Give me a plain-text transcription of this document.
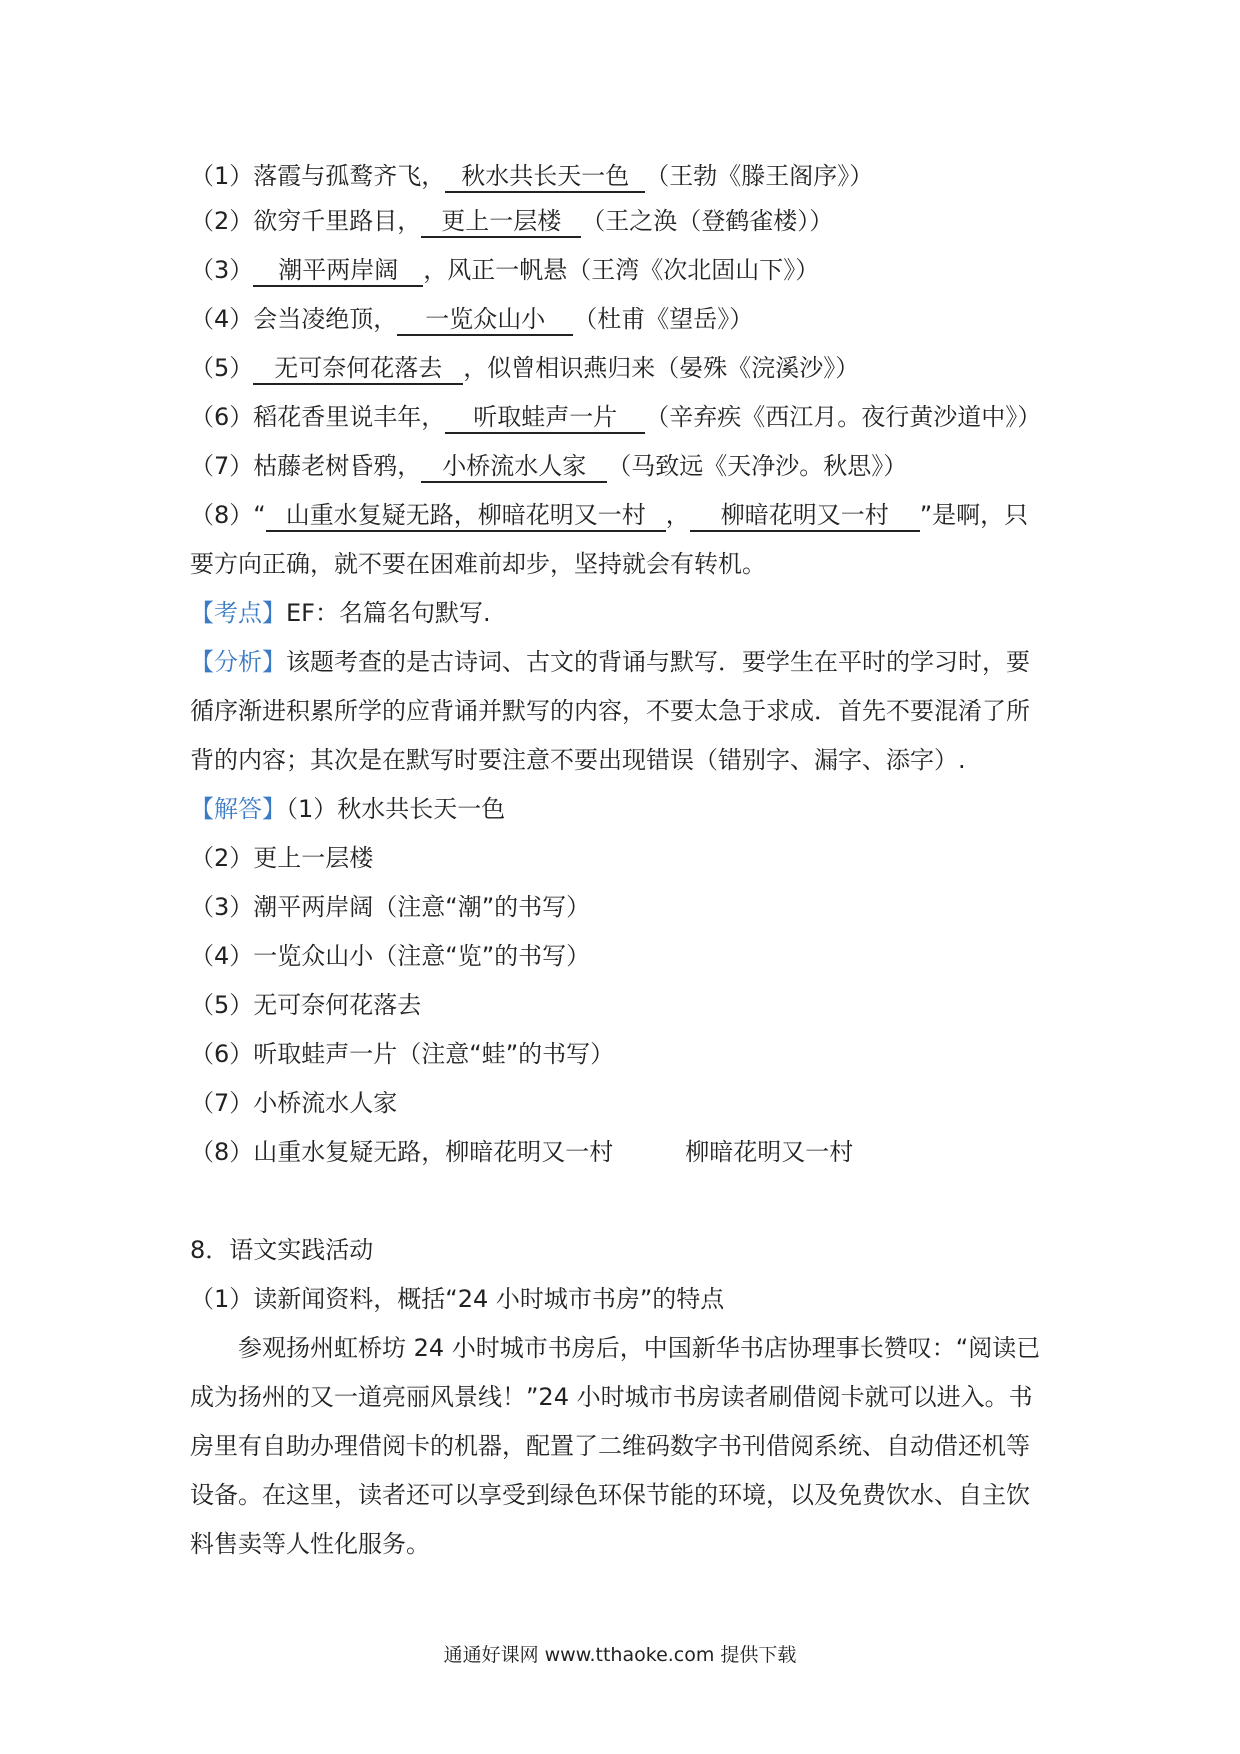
（1）落霞与孤鹜齐飞， 秋水共长天一色 （王勃《滕王阁序》）
（2）欲穷千里路目， 更上一层楼 （王之涣（登鹤雀楼））
（3） 潮平两岸阔 ，风正一帆悬（王湾《次北固山下》）
（4）会当凌绝顶， 一览众山小 （杜甫《望岳》）
（5） 无可奈何花落去 ，似曾相识燕归来（晏殊《浣溪沙》）
（6）稻花香里说丰年， 听取蛙声一片 （辛弃疾《西江月。夜行黄沙道中》）
（7）枯藤老树昏鸦， 小桥流水人家 （马致远《天净沙。秋思》）
（8）“ 山重水复疑无路，柳暗花明又一村 ， 柳暗花明又一村 ”是啊，只
要方向正确，就不要在困难前却步，坚持就会有转机。
【考点】EF：名篇名句默写.
【分析】该题考查的是古诗词、古文的背诵与默写．要学生在平时的学习时，要
循序渐进积累所学的应背诵并默写的内容，不要太急于求成．首先不要混淆了所
背的内容；其次是在默写时要注意不要出现错误（错别字、漏字、添字）.
【解答】（1）秋水共长天一色
（2）更上一层楼
（3）潮平两岸阔（注意“潮”的书写）
（4）一览众山小（注意“览”的书写）
（5）无可奈何花落去
（6）听取蛙声一片（注意“蛙”的书写）
（7）小桥流水人家
（8）山重水复疑无路，柳暗花明又一村　　　柳暗花明又一村
8．语文实践活动
（1）读新闻资料，概括“24 小时城市书房”的特点
　　参观扬州虹桥坊 24 小时城市书房后，中国新华书店协理事长赞叹：“阅读已
成为扬州的又一道亮丽风景线！”24 小时城市书房读者刷借阅卡就可以进入。书
房里有自助办理借阅卡的机器，配置了二维码数字书刊借阅系统、自动借还机等
设备。在这里，读者还可以享受到绿色环保节能的环境，以及免费饮水、自主饮
料售卖等人性化服务。
通通好课网 www.tthaoke.com 提供下载
